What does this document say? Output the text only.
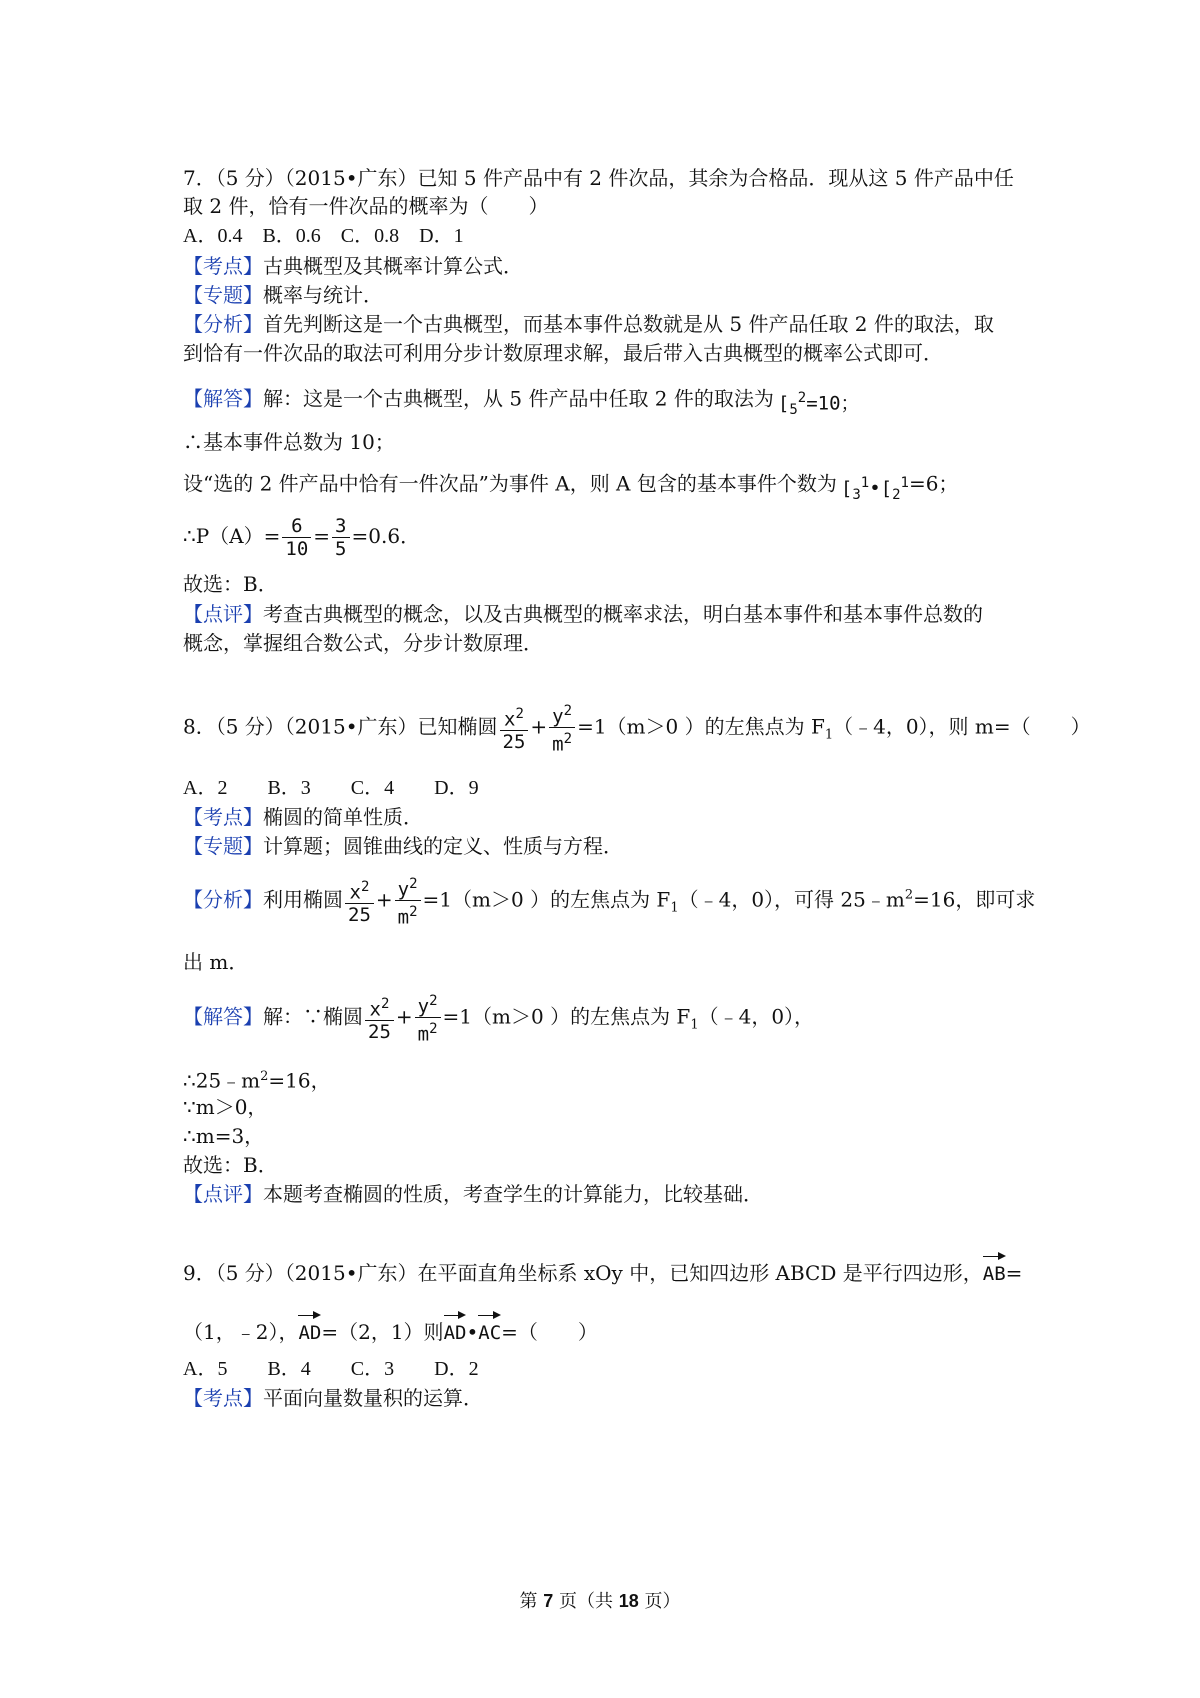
7．（5 分）（2015•广东）已知 5 件产品中有 2 件次品，其余为合格品．现从这 5 件产品中任
取 2 件，恰有一件次品的概率为（　　）
A．0.4　B．0.6　C．0.8　D．1
【考点】古典概型及其概率计算公式．
【专题】概率与统计．
【分析】首先判断这是一个古典概型，而基本事件总数就是从 5 件产品任取 2 件的取法，取
到恰有一件次品的取法可利用分步计数原理求解，最后带入古典概型的概率公式即可．
【解答】解：这是一个古典概型，从 5 件产品中任取 2 件的取法为 [$_5^2=10$；
∴基本事件总数为 10；
设“选的 2 件产品中恰有一件次品”为事件 A，则 A 包含的基本事件个数为 [$_3^1•[_2^1=6$；
∴P（A）= $\frac{6}{10} = \frac{3}{5} =0.6$．
故选：B．
【点评】考查古典概型的概念，以及古典概型的概率求法，明白基本事件和基本事件总数的
概念，掌握组合数公式，分步计数原理．
8．（5 分）（2015•广东）已知椭圆 $\frac{x^2}{25} + \frac{y^2}{m^2} =1(m>0$ ）的左焦点为 $F_1(﹣4$，0），则 m=（　　）
A．2　　B．3　　C．4　　D．9
【考点】椭圆的简单性质．
【专题】计算题；圆锥曲线的定义、性质与方程．
【分析】利用椭圆 $\frac{x^2}{25} + \frac{y^2}{m^2} =1(m>0$ ）的左焦点为 $F_1(﹣4$，0），可得 $25﹣m^2=16$，即可求
出 m．
【解答】解：∵椭圆 $\frac{x^2}{25} + \frac{y^2}{m^2} =1(m>0$ ）的左焦点为 $F_1(﹣4$，0），
$\therefore 25﹣m^2=16$，
∵m＞0，
∴m=3，
故选：B．
【点评】本题考查椭圆的性质，考查学生的计算能力，比较基础．
9．（5 分）（2015•广东）在平面直角坐标系 xOy 中，已知四边形 ABCD 是平行四边形，AB=
（1，﹣2），AD=（2，1）则AD•AC=（　　）
A．5　　B．4　　C．3　　D．2
【考点】平面向量数量积的运算．
第 7 页（共 18 页）
